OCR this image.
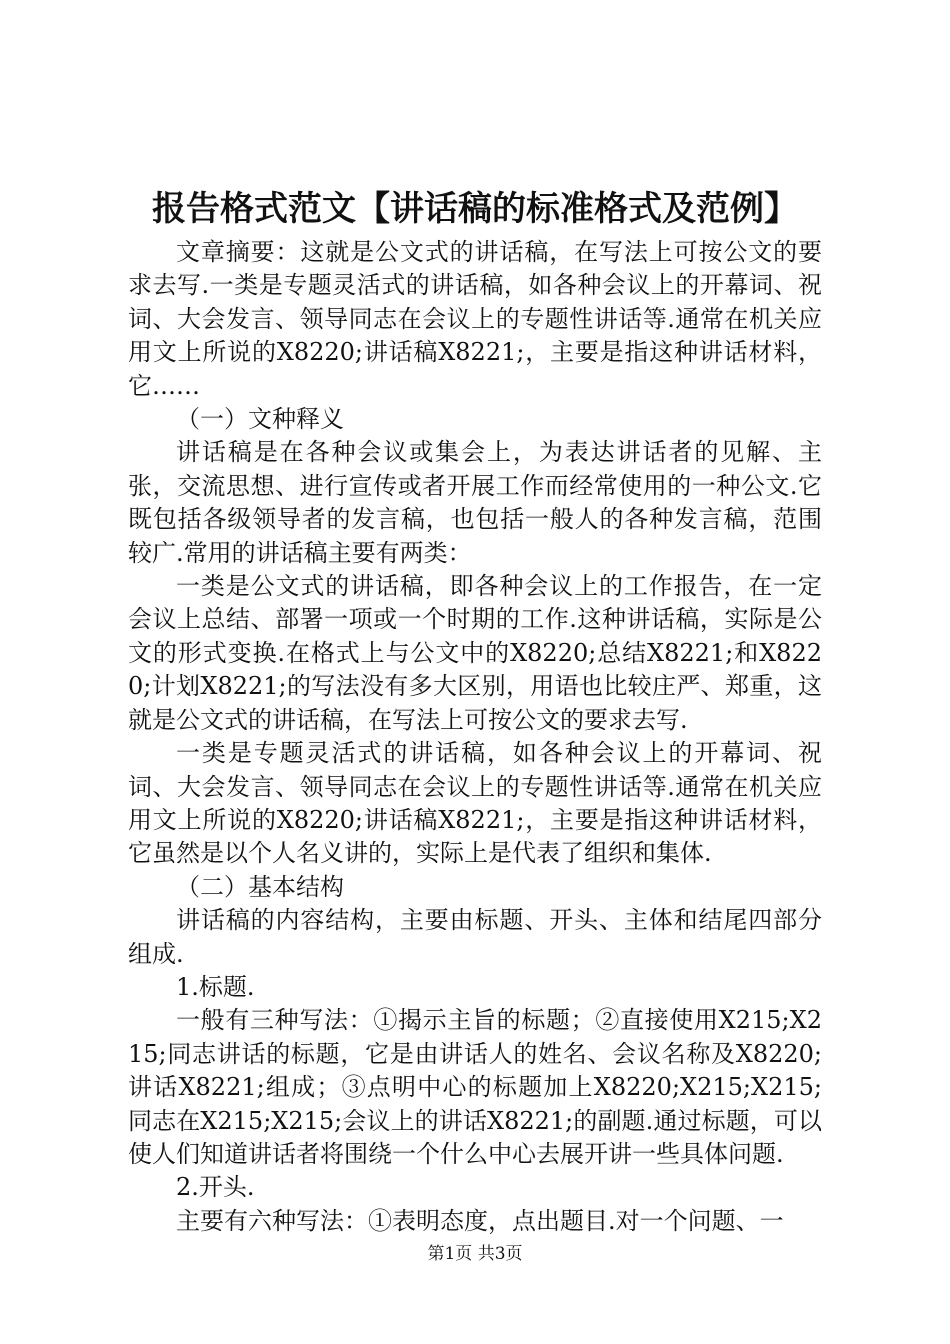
报告格式范文【讲话稿的标准格式及范例】

文章摘要：这就是公文式的讲话稿，在写法上可按公文的要求去写.一类是专题灵活式的讲话稿，如各种会议上的开幕词、祝词、大会发言、领导同志在会议上的专题性讲话等.通常在机关应用文上所说的X8220;讲话稿X8221;，主要是指这种讲话材料，它……

（一）文种释义

讲话稿是在各种会议或集会上，为表达讲话者的见解、主张，交流思想、进行宣传或者开展工作而经常使用的一种公文.它既包括各级领导者的发言稿，也包括一般人的各种发言稿，范围较广.常用的讲话稿主要有两类：

一类是公文式的讲话稿，即各种会议上的工作报告，在一定会议上总结、部署一项或一个时期的工作.这种讲话稿，实际是公文的形式变换.在格式上与公文中的X8220;总结X8221;和X8220;计划X8221;的写法没有多大区别，用语也比较庄严、郑重，这就是公文式的讲话稿，在写法上可按公文的要求去写.

一类是专题灵活式的讲话稿，如各种会议上的开幕词、祝词、大会发言、领导同志在会议上的专题性讲话等.通常在机关应用文上所说的X8220;讲话稿X8221;，主要是指这种讲话材料，它虽然是以个人名义讲的，实际上是代表了组织和集体.

（二）基本结构

讲话稿的内容结构，主要由标题、开头、主体和结尾四部分组成.

1.标题.

一般有三种写法：①揭示主旨的标题；②直接使用X215;X215;同志讲话的标题，它是由讲话人的姓名、会议名称及X8220;讲话X8221;组成；③点明中心的标题加上X8220;X215;X215;同志在X215;X215;会议上的讲话X8221;的副题.通过标题，可以使人们知道讲话者将围绕一个什么中心去展开讲一些具体问题.

2.开头.

主要有六种写法：①表明态度，点出题目.对一个问题、一

第1页 共3页
